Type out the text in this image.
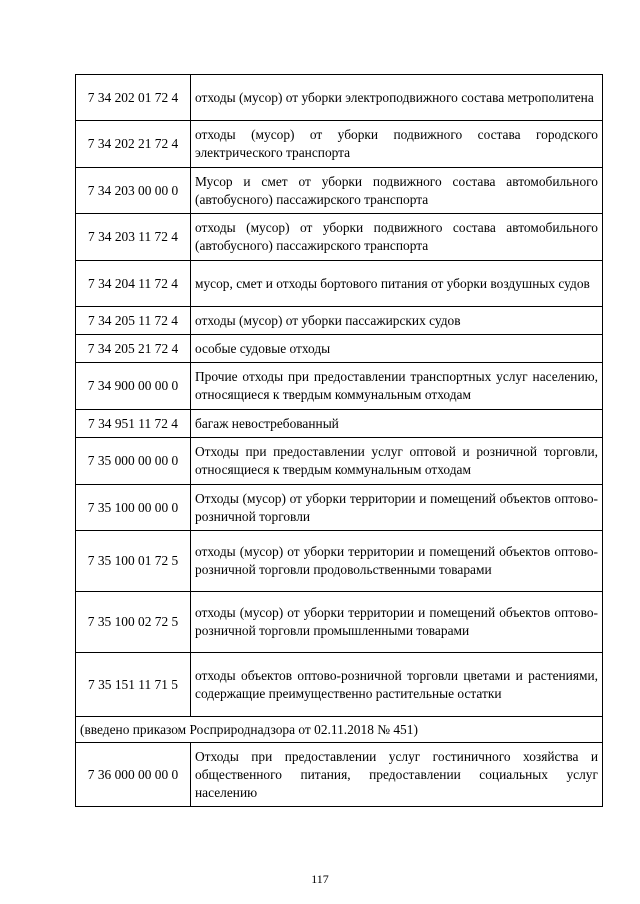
7 34 202 01 72 4	отходы (мусор) от уборки электроподвижного состава метрополитена
7 34 202 21 72 4	отходы (мусор) от уборки подвижного состава городского электрического транспорта
7 34 203 00 00 0	Мусор и смет от уборки подвижного состава автомобильного (автобусного) пассажирского транспорта
7 34 203 11 72 4	отходы (мусор) от уборки подвижного состава автомобильного (автобусного) пассажирского транспорта
7 34 204 11 72 4	мусор, смет и отходы бортового питания от уборки воздушных судов
7 34 205 11 72 4	отходы (мусор) от уборки пассажирских судов
7 34 205 21 72 4	особые судовые отходы
7 34 900 00 00 0	Прочие отходы при предоставлении транспортных услуг населению, относящиеся к твердым коммунальным отходам
7 34 951 11 72 4	багаж невостребованный
7 35 000 00 00 0	Отходы при предоставлении услуг оптовой и розничной торговли, относящиеся к твердым коммунальным отходам
7 35 100 00 00 0	Отходы (мусор) от уборки территории и помещений объектов оптово-розничной торговли
7 35 100 01 72 5	отходы (мусор) от уборки территории и помещений объектов оптово-розничной торговли продовольственными товарами
7 35 100 02 72 5	отходы (мусор) от уборки территории и помещений объектов оптово-розничной торговли промышленными товарами
7 35 151 11 71 5	отходы объектов оптово-розничной торговли цветами и растениями, содержащие преимущественно растительные остатки
(введено приказом Росприроднадзора от 02.11.2018 № 451)	
7 36 000 00 00 0	Отходы при предоставлении услуг гостиничного хозяйства и общественного питания, предоставлении социальных услуг населению
117
